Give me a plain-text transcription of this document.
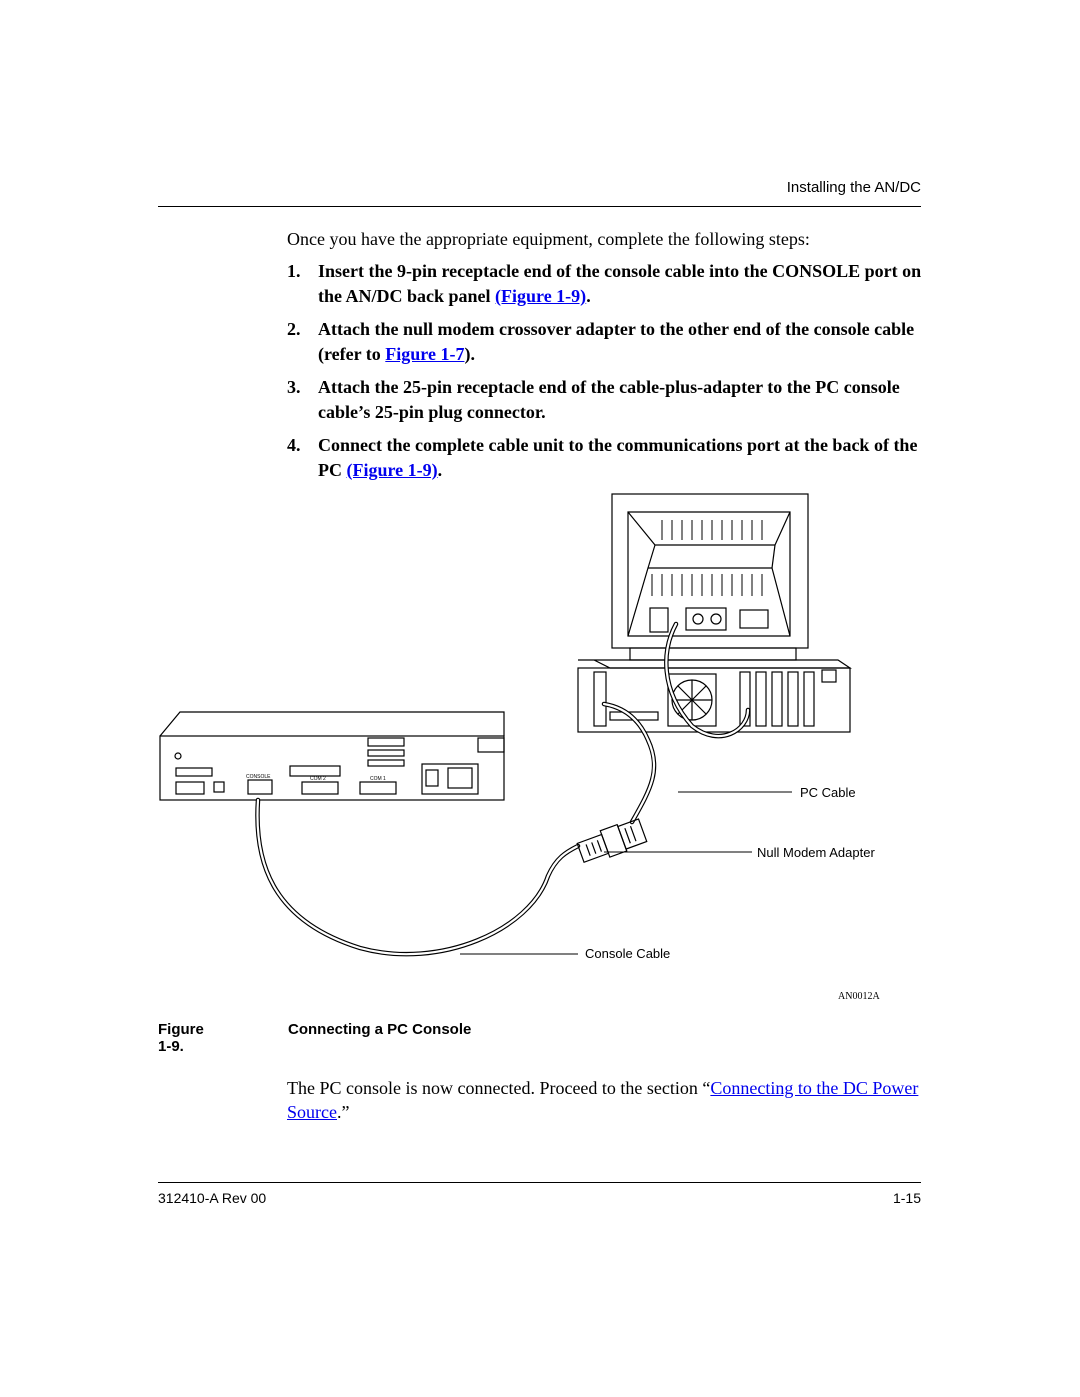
Installing the AN/DC
Once you have the appropriate equipment, complete the following steps:
1. Insert the 9-pin receptacle end of the console cable into the CONSOLE port on the AN/DC back panel (Figure 1-9).
2. Attach the null modem crossover adapter to the other end of the console cable (refer to Figure 1-7).
3. Attach the 25-pin receptacle end of the cable-plus-adapter to the PC console cable’s 25-pin plug connector.
4. Connect the complete cable unit to the communications port at the back of the PC (Figure 1-9).
CONSOLE	COM 2	COM 1
PC Cable
Null Modem Adapter
Console Cable
AN0012A
Figure 1-9.
Connecting a PC Console
The PC console is now connected. Proceed to the section “Connecting to the DC Power Source.”
312410-A Rev 00	1-15
